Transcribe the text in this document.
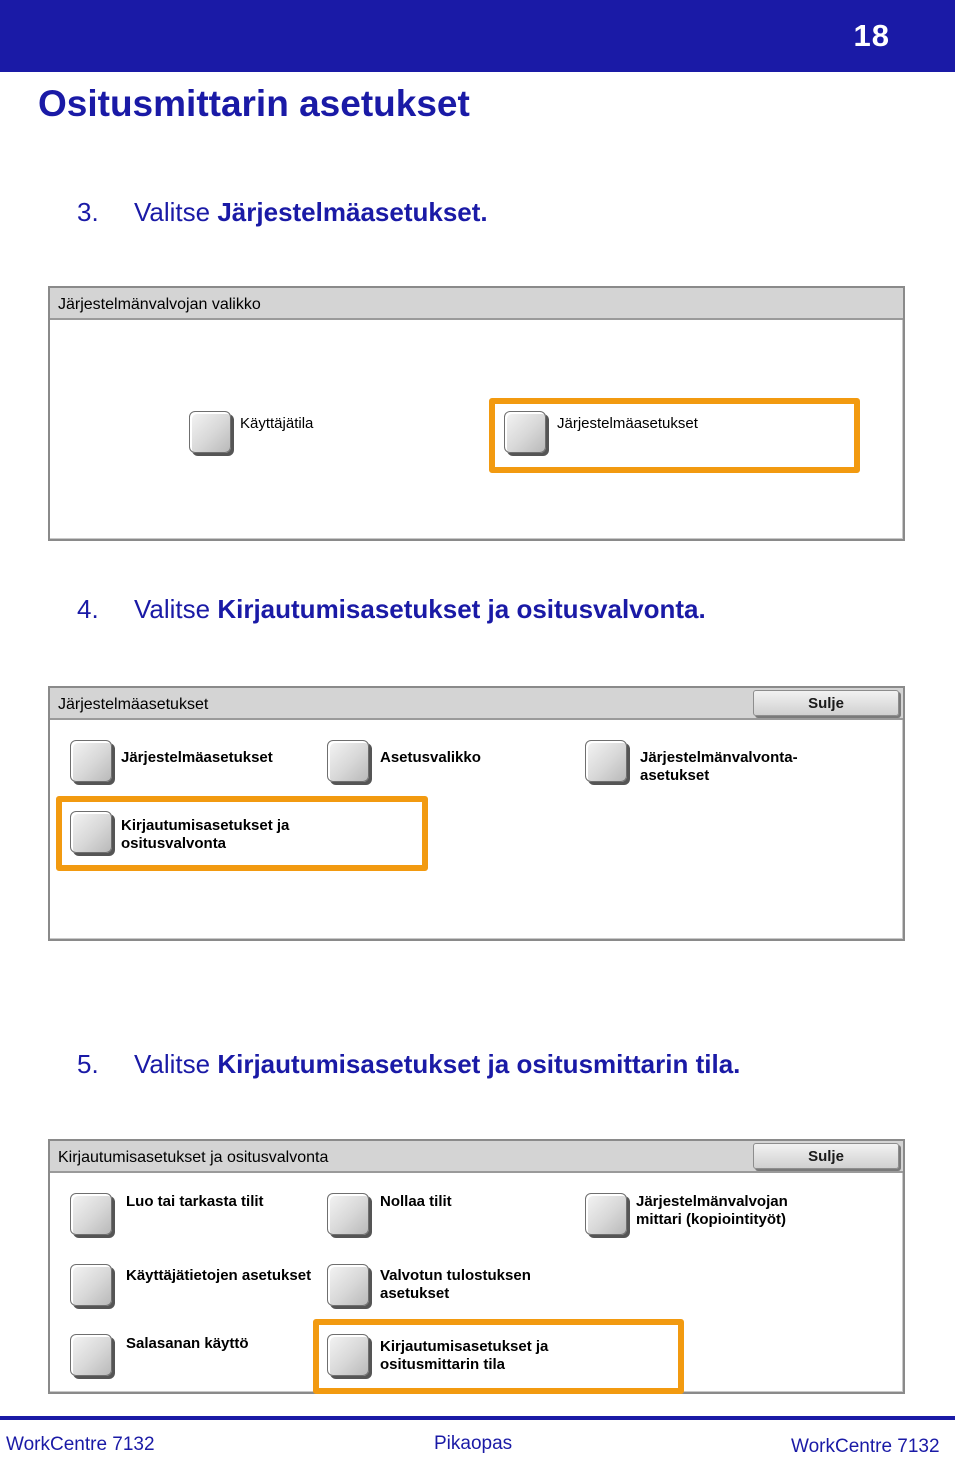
18
Ositusmittarin asetukset
3. Valitse Järjestelmäasetukset.
Järjestelmänvalvojan valikko
Käyttäjätila	Järjestelmäasetukset
4. Valitse Kirjautumisasetukset ja ositusvalvonta.
Järjestelmäasetukset	Sulje
Järjestelmäasetukset	Asetusvalikko	Järjestelmänvalvonta-
asetukset
Kirjautumisasetukset ja
ositusvalvonta
5. Valitse Kirjautumisasetukset ja ositusmittarin tila.
Kirjautumisasetukset ja ositusvalvonta	Sulje
Luo tai tarkasta tilit	Nollaa tilit	Järjestelmänvalvojan
mittari (kopiointityöt)
Käyttäjätietojen asetukset	Valvotun tulostuksen
asetukset
Salasanan käyttö	Kirjautumisasetukset ja
ositusmittarin tila
WorkCentre 7132	Pikaopas	WorkCentre 7132
